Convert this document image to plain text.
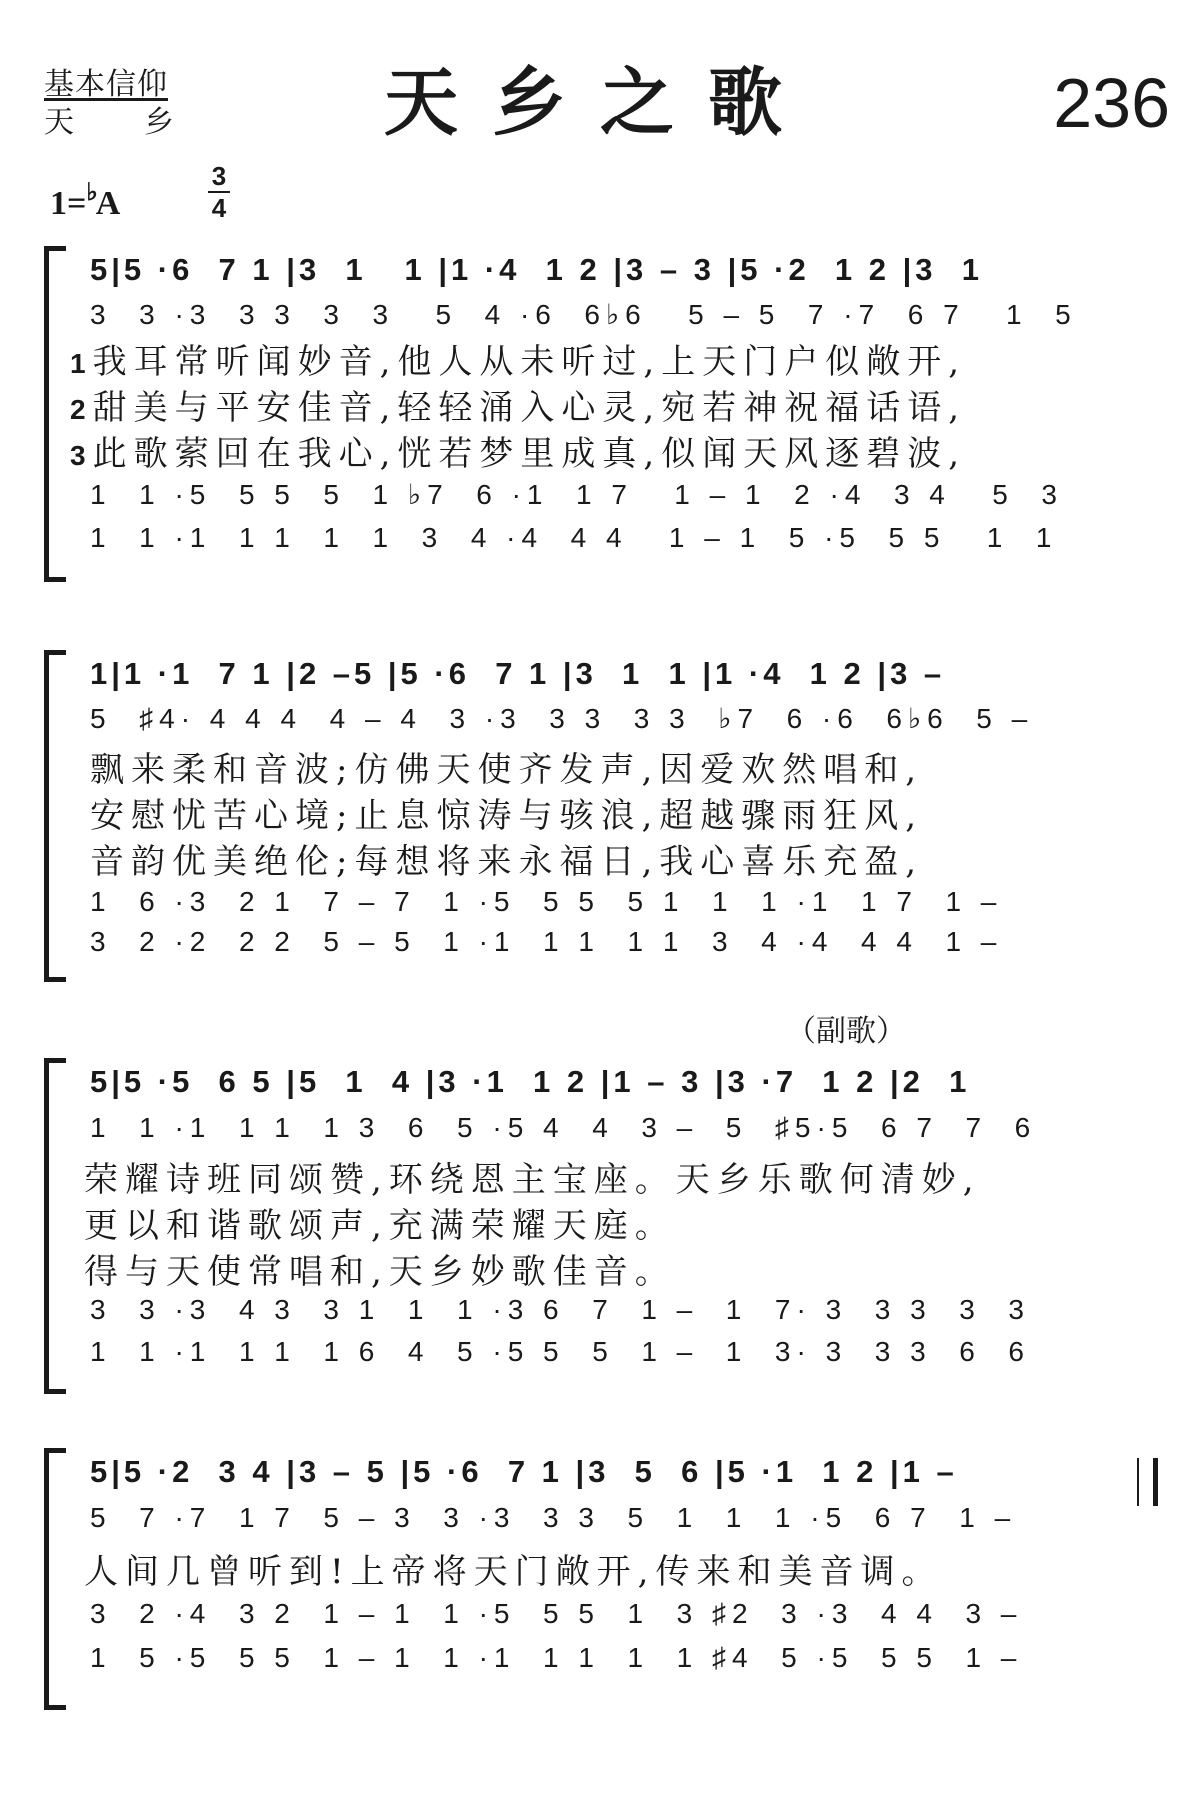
基本信仰
天乡	天乡之歌	236
1=♭A
3
4
5|5 ·6  7 1 |3  1   1 |1 ·4  1 2 |3 – 3 |5 ·2  1 2 |3  1
3  3 ·3  3 3  3  3   5  4 ·6  6♭6   5 – 5  7 ·7  6 7   1  5
1我耳常听闻妙音,他人从未听过,上天门户似敞开,
2甜美与平安佳音,轻轻涌入心灵,宛若神祝福话语,
3此歌萦回在我心,恍若梦里成真,似闻天风逐碧波,
1  1 ·5  5 5  5  1 ♭7  6 ·1  1 7   1 – 1  2 ·4  3 4   5  3
1  1 ·1  1 1  1  1  3  4 ·4  4 4   1 – 1  5 ·5  5 5   1  1
1|1 ·1  7 1 |2 –5 |5 ·6  7 1 |3  1  1 |1 ·4  1 2 |3 –
5  ♯4· 4 4 4  4 – 4  3 ·3  3 3  3 3  ♭7  6 ·6  6♭6  5 –
飘来柔和音波;仿佛天使齐发声,因爱欢然唱和,
安慰忧苦心境;止息惊涛与骇浪,超越骤雨狂风,
音韵优美绝伦;每想将来永福日,我心喜乐充盈,
1  6 ·3  2 1  7 – 7  1 ·5  5 5  5 1  1  1 ·1  1 7  1 –
3  2 ·2  2 2  5 – 5  1 ·1  1 1  1 1  3  4 ·4  4 4  1 –
（副歌）
5|5 ·5  6 5 |5  1  4 |3 ·1  1 2 |1 – 3 |3 ·7  1 2 |2  1
1  1 ·1  1 1  1 3  6  5 ·5 4  4  3 –  5  ♯5·5  6 7  7  6
荣耀诗班同颂赞,环绕恩主宝座。天乡乐歌何清妙,
更以和谐歌颂声,充满荣耀天庭。
得与天使常唱和,天乡妙歌佳音。
3  3 ·3  4 3  3 1  1  1 ·3 6  7  1 –  1  7· 3  3 3  3  3
1  1 ·1  1 1  1 6  4  5 ·5 5  5  1 –  1  3· 3  3 3  6  6
5|5 ·2  3 4 |3 – 5 |5 ·6  7 1 |3  5  6 |5 ·1  1 2 |1 –
5  7 ·7  1 7  5 – 3  3 ·3  3 3  5  1  1  1 ·5  6 7  1 –
人间几曾听到!上帝将天门敞开,传来和美音调。
3  2 ·4  3 2  1 – 1  1 ·5  5 5  1  3 ♯2  3 ·3  4 4  3 –
1  5 ·5  5 5  1 – 1  1 ·1  1 1  1  1 ♯4  5 ·5  5 5  1 –
